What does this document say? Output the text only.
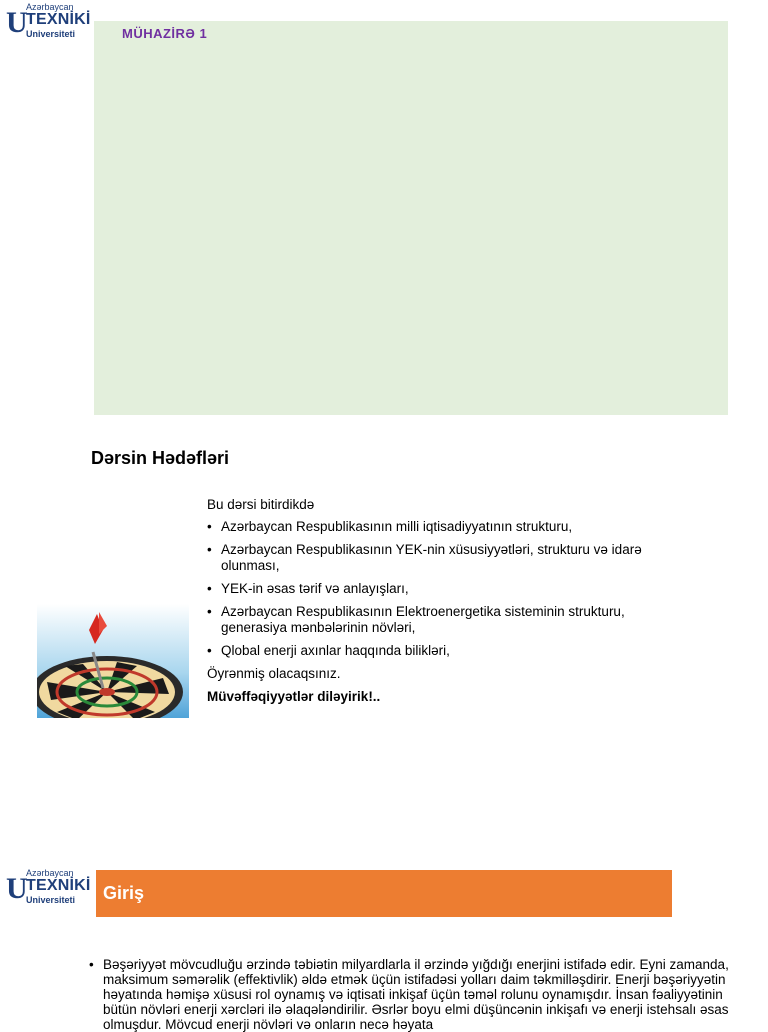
U
Azərbaycan
TEXNİKİ
Universiteti	MÜHAZİRƏ 1
Dərsin Hədəfləri

Bu dərsi bitirdikdə

• Azərbaycan Respublikasının milli iqtisadiyyatının strukturu,
• Azərbaycan Respublikasının YEK-nin xüsusiyyətləri, strukturu və idarə olunması,
• YEK-in əsas tərif və anlayışları,
• Azərbaycan Respublikasının Elektroenergetika sisteminin strukturu, generasiya mənbələrinin növləri,
• Qlobal enerji axınlar haqqında bilikləri,

Öyrənmiş olacaqsınız.

Müvəffəqiyyətlər diləyirik!..

U
Azərbaycan
TEXNİKİ
Universiteti Giriş
• Bəşəriyyət mövcudluğu ərzində təbiətin milyardlarla il ərzində yığdığı enerjini istifadə edir. Eyni zamanda, maksimum səmərəlik (effektivlik) əldə etmək üçün istifadəsi yolları daim təkmilləşdirir. Enerji bəşəriyyətin həyatında həmişə xüsusi rol oynamış və iqtisati inkişaf üçün təməl rolunu oynamışdır. İnsan fəaliyyətinin bütün növləri enerji xərcləri ilə əlaqələndirilir. Əsrlər boyu elmi düşüncənin inkişafı və enerji istehsalı əsas olmuşdur. Mövcud enerji növləri və onların necə həyata
